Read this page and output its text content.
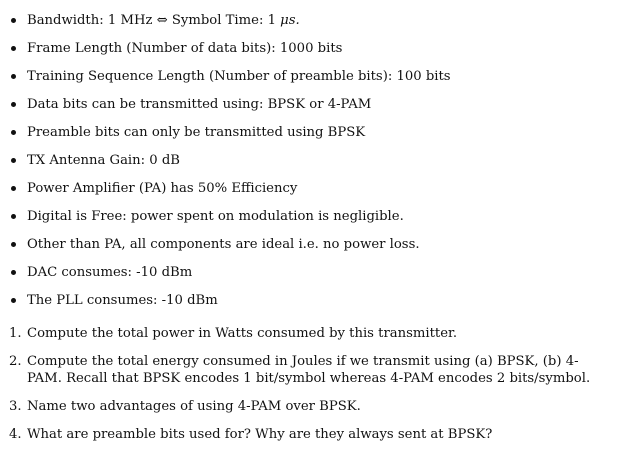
Bandwidth: 1 MHz ⇔ Symbol Time: 1 μs.
Frame Length (Number of data bits): 1000 bits
Training Sequence Length (Number of preamble bits): 100 bits
Data bits can be transmitted using: BPSK or 4-PAM
Preamble bits can only be transmitted using BPSK
TX Antenna Gain: 0 dB
Power Amplifier (PA) has 50% Efficiency
Digital is Free: power spent on modulation is negligible.
Other than PA, all components are ideal i.e. no power loss.
DAC consumes: -10 dBm
The PLL consumes: -10 dBm
1. Compute the total power in Watts consumed by this transmitter.
2. Compute the total energy consumed in Joules if we transmit using (a) BPSK, (b) 4-PAM. Recall that BPSK encodes 1 bit/symbol whereas 4-PAM encodes 2 bits/symbol.
3. Name two advantages of using 4-PAM over BPSK.
4. What are preamble bits used for? Why are they always sent at BPSK?
